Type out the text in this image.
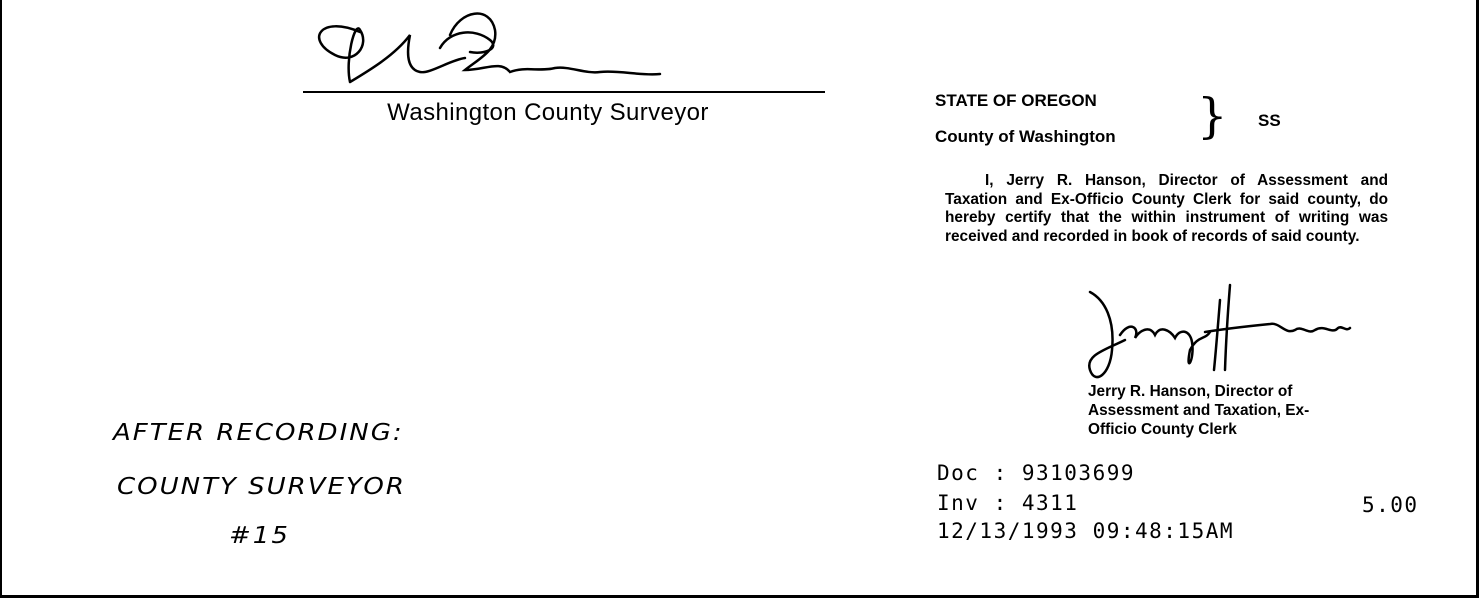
Washington County Surveyor	STATE OF OREGON
County of Washington } SS
I, Jerry R. Hanson, Director of Assessment and Taxation and Ex-Officio County Clerk for said county, do hereby certify that the within instrument of writing was received and recorded in book of records of said county.
Jerry R. Hanson, Director of
Assessment and Taxation, Ex-
Officio County Clerk
Doc : 93103699
Inv : 4311	5.00
12/13/1993 09:48:15AM
AFTER RECORDING:
COUNTY SURVEYOR
#15
